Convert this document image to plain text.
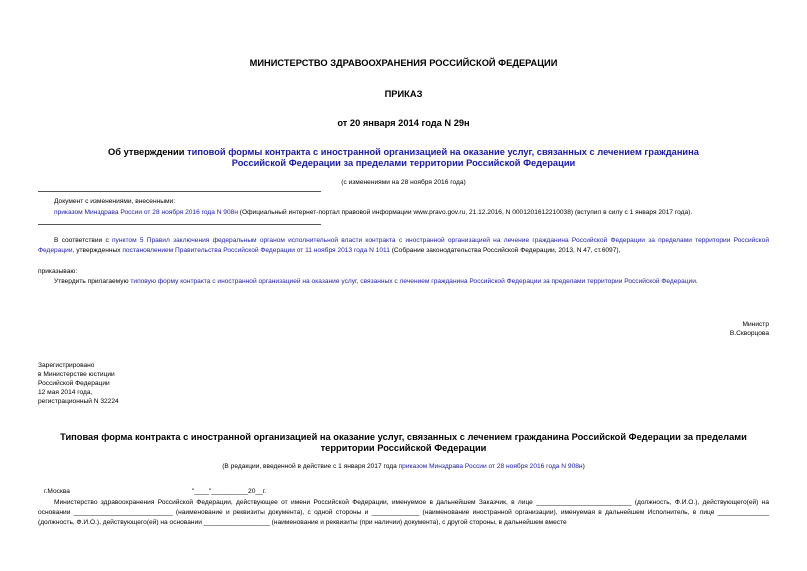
МИНИСТЕРСТВО ЗДРАВООХРАНЕНИЯ РОССИЙСКОЙ ФЕДЕРАЦИИ
ПРИКАЗ
от 20 января 2014 года N 29н
Об утверждении типовой формы контракта с иностранной организацией на оказание услуг, связанных с лечением гражданина Российской Федерации за пределами территории Российской Федерации
(с изменениями на 28 ноября 2016 года)
Документ с изменениями, внесенными:
приказом Минздрава России от 28 ноября 2016 года N 908н (Официальный интернет-портал правовой информации www.pravo.gov.ru, 21.12.2016, N 0001201612210038) (вступил в силу с 1 января 2017 года).
В соответствии с пунктом 5 Правил заключения федеральным органом исполнительной власти контракта с иностранной организацией на лечение гражданина Российской Федерации за пределами территории Российской Федерации, утвержденных постановлением Правительства Российской Федерации от 11 ноября 2013 года N 1011 (Собрание законодательства Российской Федерации, 2013, N 47, ст.6097),
приказываю:
Утвердить прилагаемую типовую форму контракта с иностранной организацией на оказание услуг, связанных с лечением гражданина Российской Федерации за пределами территории Российской Федерации.
Министр
В.Скворцова
Зарегистрировано
в Министерстве юстиции
Российской Федерации
12 мая 2014 года,
регистрационный N 32224
Типовая форма контракта с иностранной организацией на оказание услуг, связанных с лечением гражданина Российской Федерации за пределами территории Российской Федерации
(В редакции, введенной в действие с 1 января 2017 года приказом Минздрава России от 28 ноября 2016 года N 908н)
г.Москва	"____"__________20__г.
Министерство здравоохранения Российской Федерации, действующее от имени Российской Федерации, именуемое в дальнейшем Заказчик, в лице __________________________ (должность, Ф.И.О.), действующего(ей) на основании ___________________________ (наименование и реквизиты документа), с одной стороны и _____________ (наименование иностранной организации), именуемая в дальнейшем Исполнитель, в лице ______________ (должность, Ф.И.О.), действующего(ей) на основании __________________ (наименование и реквизиты (при наличии) документа), с другой стороны, в дальнейшем вместе
